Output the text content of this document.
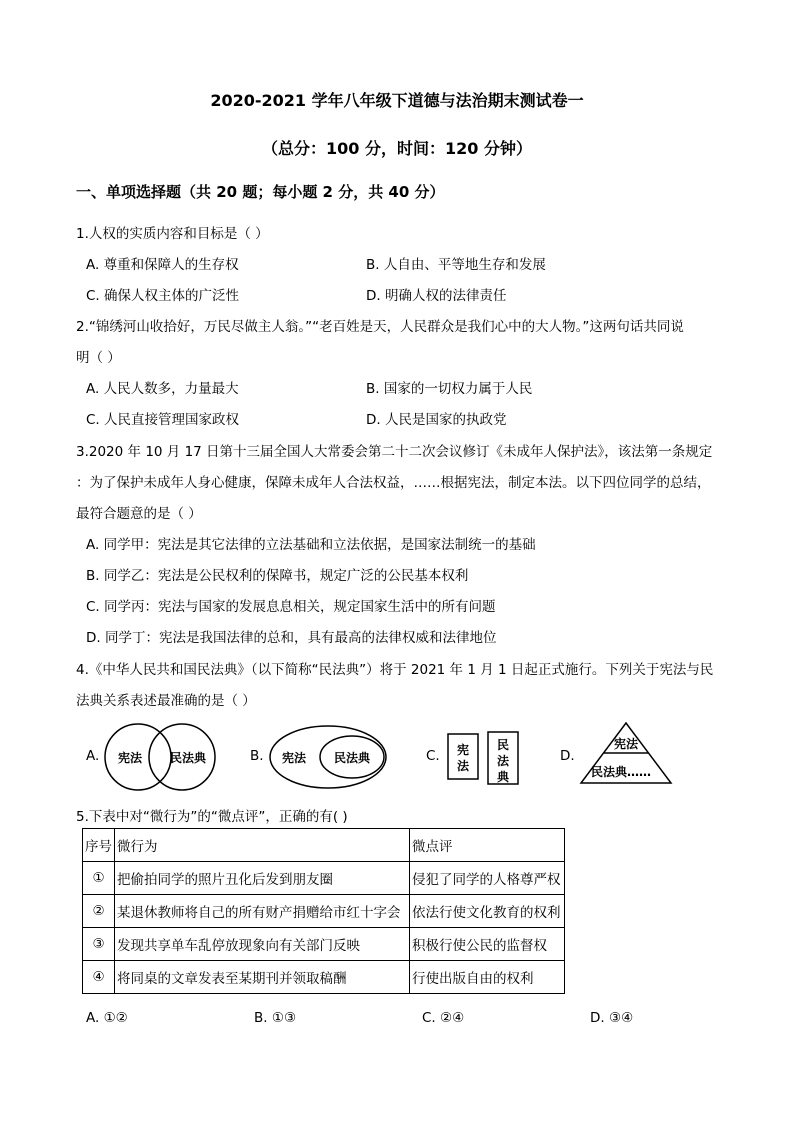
2020-2021 学年八年级下道德与法治期末测试卷一
（总分：100 分，时间：120 分钟）
一、单项选择题（共 20 题；每小题 2 分，共 40 分）
1.人权的实质内容和目标是（ ）
A. 尊重和保障人的生存权	B. 人自由、平等地生存和发展
C. 确保人权主体的广泛性	D. 明确人权的法律责任
2.“锦绣河山收拾好，万民尽做主人翁。”“老百姓是天，人民群众是我们心中的大人物。”这两句话共同说
明（ ）
A. 人民人数多，力量最大	B. 国家的一切权力属于人民
C. 人民直接管理国家政权	D. 人民是国家的执政党
3.2020 年 10 月 17 日第十三届全国人大常委会第二十二次会议修订《未成年人保护法》，该法第一条规定
：为了保护未成年人身心健康，保障未成年人合法权益，……根据宪法，制定本法。以下四位同学的总结，
最符合题意的是（ ）
A. 同学甲：宪法是其它法律的立法基础和立法依据，是国家法制统一的基础
B. 同学乙：宪法是公民权利的保障书，规定广泛的公民基本权利
C. 同学丙：宪法与国家的发展息息相关，规定国家生活中的所有问题
D. 同学丁：宪法是我国法律的总和，具有最高的法律权威和法律地位
4.《中华人民共和国民法典》（以下简称“民法典”）将于 2021 年 1 月 1 日起正式施行。下列关于宪法与民
法典关系表述最准确的是（ ）
A. 宪法 民法典	B. 宪法 民法典	C. 宪
法
民
法
典
D.
宪法
民法典……
5.下表中对“微行为”的“微点评”，正确的有( )
序号	微行为	微点评
①	把偷拍同学的照片丑化后发到朋友圈	侵犯了同学的人格尊严权
②	某退休教师将自己的所有财产捐赠给市红十字会	依法行使文化教育的权利
③	发现共享单车乱停放现象向有关部门反映	积极行使公民的监督权
④	将同桌的文章发表至某期刊并领取稿酬	行使出版自由的权利
A. ①②	B. ①③	C. ②④	D. ③④
